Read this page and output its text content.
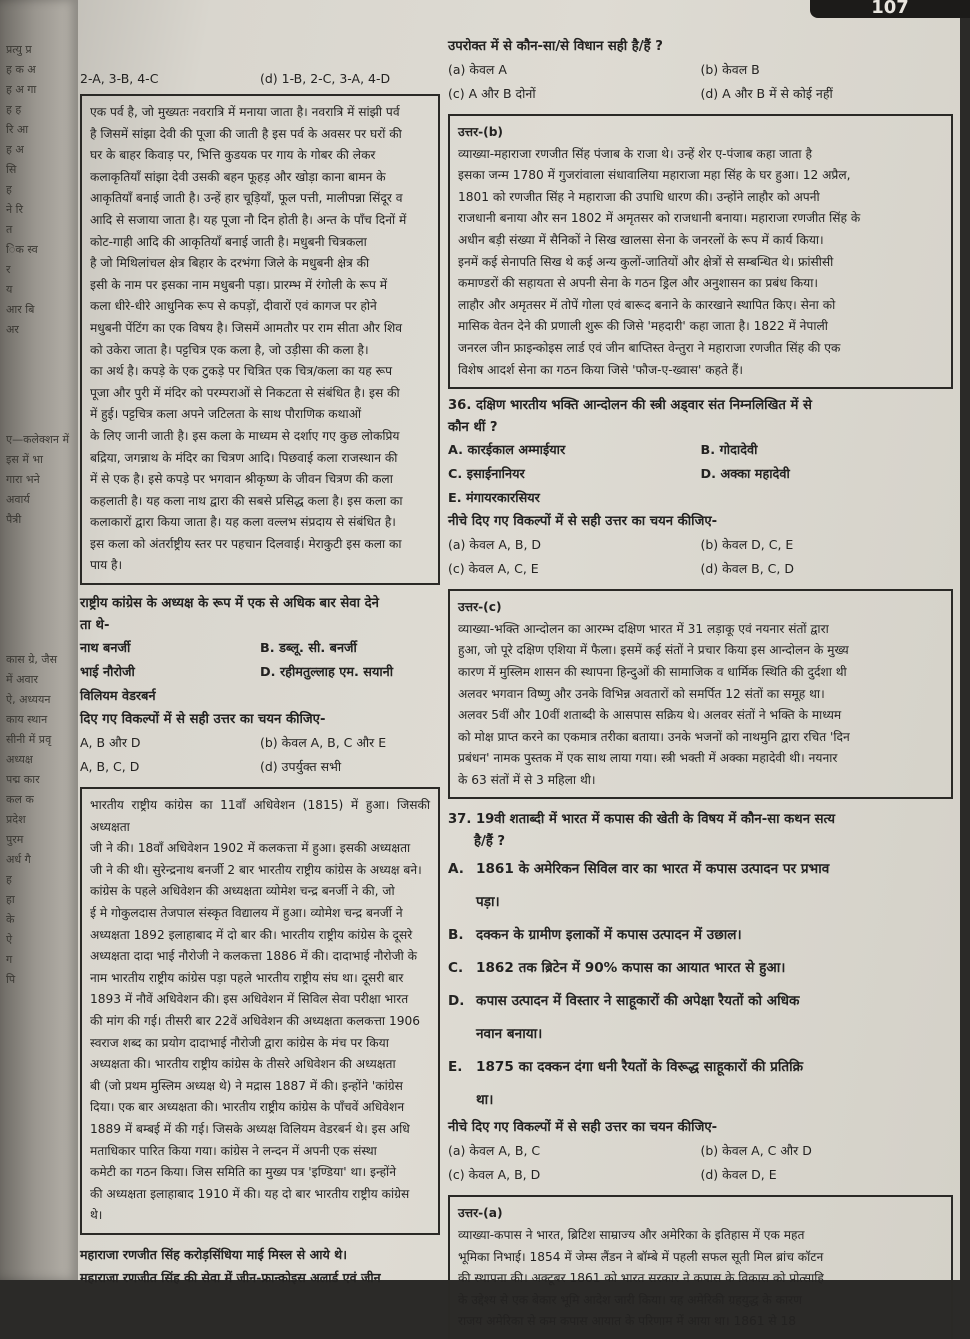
प्रत्यु प्र
ह क अ
ह अ गा
ह ह
रि आ
ह अ
सि
ह
ने रि
त
िक स्व
र
य
आर बि
अर
ए—कलेक्शन में
इस में भा
गारा भने
अवार्य
पैत्री
कास ग्रे, जैस
में अवार
ऐ, अध्ययन
काय स्थान
सीनी में प्रवृ
अध्यक्ष
पद्म कार
कल क
प्रदेश
पुरम
अर्ध गै
ह
हा
के
ऐ
ग
पि
107
2-A, 3-B, 4-C	(d) 1-B, 2-C, 3-A, 4-D
एक पर्व है, जो मुख्यतः नवरात्रि में मनाया जाता है। नवरात्रि में सांझी पर्व
है जिसमें सांझा देवी की पूजा की जाती है इस पर्व के अवसर पर घरों की
घर के बाहर किवाड़ पर, भित्ति कुडयक पर गाय के गोबर की लेकर
कलाकृतियाँ सांझा देवी उसकी बहन फूहड़ और खोड़ा काना बामन के
आकृतियाँ बनाई जाती है। उन्हें हार चूड़ियाँ, फूल पत्ती, मालीपन्ना सिंदूर व
आदि से सजाया जाता है। यह पूजा नौ दिन होती है। अन्त के पाँच दिनों में
कोट-गाही आदि की आकृतियाँ बनाई जाती है। मधुबनी चित्रकला
है जो मिथिलांचल क्षेत्र बिहार के दरभंगा जिले के मधुबनी क्षेत्र की
इसी के नाम पर इसका नाम मधुबनी पड़ा। प्रारम्भ में रंगोली के रूप में
कला धीरे-धीरे आधुनिक रूप से कपड़ों, दीवारों एवं कागज पर होने
मधुबनी पेंटिंग का एक विषय है। जिसमें आमतौर पर राम सीता और शिव
को उकेरा जाता है। पट्टचित्र एक कला है, जो उड़ीसा की कला है।
का अर्थ है। कपड़े के एक टुकड़े पर चित्रित एक चित्र/कला का यह रूप
पूजा और पुरी में मंदिर को परम्पराओं से निकटता से संबंधित है। इस की
में हुई। पट्टचित्र कला अपने जटिलता के साथ पौराणिक कथाओं
के लिए जानी जाती है। इस कला के माध्यम से दर्शाए गए कुछ लोकप्रिय
बद्रिया, जगन्नाथ के मंदिर का चित्रण आदि। पिछवाई कला राजस्थान की
में से एक है। इसे कपड़े पर भगवान श्रीकृष्ण के जीवन चित्रण की कला
कहलाती है। यह कला नाथ द्वारा की सबसे प्रसिद्ध कला है। इस कला का
कलाकारों द्वारा किया जाता है। यह कला वल्लभ संप्रदाय से संबंधित है।
इस कला को अंतर्राष्ट्रीय स्तर पर पहचान दिलवाई। मेराकुटी इस कला का
पाय है।
राष्ट्रीय कांग्रेस के अध्यक्ष के रूप में एक से अधिक बार सेवा देने
ता थे-
नाथ बनर्जी	B. डब्लू. सी. बनर्जी
भाई नौरोजी	D. रहीमतुल्लाह एम. सयानी
विलियम वेडरबर्न
दिए गए विकल्पों में से सही उत्तर का चयन कीजिए-
A, B और D	(b) केवल A, B, C और E
A, B, C, D	(d) उपर्युक्त सभी
भारतीय राष्ट्रीय कांग्रेस का 11वाँ अधिवेशन (1815) में हुआ। जिसकी अध्यक्षता
जी ने की। 18वाँ अधिवेशन 1902 में कलकत्ता में हुआ। इसकी अध्यक्षता
जी ने की थी। सुरेन्द्रनाथ बनर्जी 2 बार भारतीय राष्ट्रीय कांग्रेस के अध्यक्ष बने।
कांग्रेस के पहले अधिवेशन की अध्यक्षता व्योमेश चन्द्र बनर्जी ने की, जो
ई मे गोकुलदास तेजपाल संस्कृत विद्यालय में हुआ। व्योमेश चन्द्र बनर्जी ने
अध्यक्षता 1892 इलाहाबाद में दो बार की। भारतीय राष्ट्रीय कांग्रेस के दूसरे
अध्यक्षता दादा भाई नौरोजी ने कलकत्ता 1886 में की। दादाभाई नौरोजी के
नाम भारतीय राष्ट्रीय कांग्रेस पड़ा पहले भारतीय राष्ट्रीय संघ था। दूसरी बार
1893 में नौवें अधिवेशन की। इस अधिवेशन में सिविल सेवा परीक्षा भारत
की मांग की गई। तीसरी बार 22वें अधिवेशन की अध्यक्षता कलकत्ता 1906
स्वराज शब्द का प्रयोग दादाभाई नौरोजी द्वारा कांग्रेस के मंच पर किया
अध्यक्षता की। भारतीय राष्ट्रीय कांग्रेस के तीसरे अधिवेशन की अध्यक्षता
बी (जो प्रथम मुस्लिम अध्यक्ष थे) ने मद्रास 1887 में की। इन्होंने 'कांग्रेस
दिया। एक बार अध्यक्षता की। भारतीय राष्ट्रीय कांग्रेस के पाँचवें अधिवेशन
1889 में बम्बई में की गई। जिसके अध्यक्ष विलियम वेडरबर्न थे। इस अधि
मताधिकार पारित किया गया। कांग्रेस ने लन्दन में अपनी एक संस्था
कमेटी का गठन किया। जिस समिति का मुख्य पत्र 'इण्डिया' था। इन्होंने
की अध्यक्षता इलाहाबाद 1910 में की। यह दो बार भारतीय राष्ट्रीय कांग्रेस
थे।
महाराजा रणजीत सिंह करोड़सिंधिया माई मिस्ल से आये थे।
महाराजा रणजीत सिंह की सेवा में जीन-फ्रान्कोइस अलार्ड एवं जीन
उपरोक्त में से कौन-सा/से विधान सही है/हैं ?
(a) केवल A	(b) केवल B
(c) A और B दोनों	(d) A और B में से कोई नहीं
उत्तर-(b)
व्याख्या-महाराजा रणजीत सिंह पंजाब के राजा थे। उन्हें शेर ए-पंजाब कहा जाता है
इसका जन्म 1780 में गुजरांवाला संधावालिया महाराजा महा सिंह के घर हुआ। 12 अप्रैल,
1801 को रणजीत सिंह ने महाराजा की उपाधि धारण की। उन्होंने लाहौर को अपनी
राजधानी बनाया और सन 1802 में अमृतसर को राजधानी बनाया। महाराजा रणजीत सिंह के
अधीन बड़ी संख्या में सैनिकों ने सिख खालसा सेना के जनरलों के रूप में कार्य किया।
इनमें कई सेनापति सिख थे कई अन्य कुलों-जातियों और क्षेत्रों से सम्बन्धित थे। फ्रांसीसी
कमाण्डरों की सहायता से अपनी सेना के गठन ड्रिल और अनुशासन का प्रबंध किया।
लाहौर और अमृतसर में तोपें गोला एवं बारूद बनाने के कारखाने स्थापित किए। सेना को
मासिक वेतन देने की प्रणाली शुरू की जिसे 'महदारी' कहा जाता है। 1822 में नेपाली
जनरल जीन फ्राइन्कोइस लार्ड एवं जीन बाप्तिस्त वेन्तुरा ने महाराजा रणजीत सिंह की एक
विशेष आदर्श सेना का गठन किया जिसे 'फौज-ए-ख्वास' कहते हैं।
36. दक्षिण भारतीय भक्ति आन्दोलन की स्त्री अड्वार संत निम्नलिखित में से
कौन थीं ?
A. कारईकाल अम्माईयार	B. गोदादेवी
C. इसाईनानियर	D. अक्का महादेवी
E. मंगायरकारसियर
नीचे दिए गए विकल्पों में से सही उत्तर का चयन कीजिए-
(a) केवल A, B, D	(b) केवल D, C, E
(c) केवल A, C, E	(d) केवल B, C, D
उत्तर-(c)
व्याख्या-भक्ति आन्दोलन का आरम्भ दक्षिण भारत में 31 लड़ाकू एवं नयनार संतों द्वारा
हुआ, जो पूरे दक्षिण एशिया में फैला। इसमें कई संतों ने प्रचार किया इस आन्दोलन के मुख्य
कारण में मुस्लिम शासन की स्थापना हिन्दुओं की सामाजिक व धार्मिक स्थिति की दुर्दशा थी
अलवर भगवान विष्णु और उनके विभिन्न अवतारों को समर्पित 12 संतों का समूह था।
अलवर 5वीं और 10वीं शताब्दी के आसपास सक्रिय थे। अलवर संतों ने भक्ति के माध्यम
को मोक्ष प्राप्त करने का एकमात्र तरीका बताया। उनके भजनों को नाथमुनि द्वारा रचित 'दिन
प्रबंधन' नामक पुस्तक में एक साथ लाया गया। स्त्री भक्ती में अक्का महादेवी थी। नयनार
के 63 संतों में से 3 महिला थी।
37. 19वी शताब्दी में भारत में कपास की खेती के विषय में कौन-सा कथन सत्य
है/हैं ?
A. 1861 के अमेरिकन सिविल वार का भारत में कपास उत्पादन पर प्रभाव
पड़ा।
B. दक्कन के ग्रामीण इलाकों में कपास उत्पादन में उछाल।
C. 1862 तक ब्रिटेन में 90% कपास का आयात भारत से हुआ।
D. कपास उत्पादन में विस्तार ने साहूकारों की अपेक्षा रैयतों को अधिक
नवान बनाया।
E. 1875 का दक्कन दंगा धनी रैयतों के विरूद्ध साहूकारों की प्रतिक्रि
था।
नीचे दिए गए विकल्पों में से सही उत्तर का चयन कीजिए-
(a) केवल A, B, C	(b) केवल A, C और D
(c) केवल A, B, D	(d) केवल D, E
उत्तर-(a)
व्याख्या-कपास ने भारत, ब्रिटिश साम्राज्य और अमेरिका के इतिहास में एक महत
भूमिका निभाई। 1854 में जेम्स लैंडन ने बॉम्बे में पहली सफल सूती मिल ब्रांच कॉटन
की स्थापना की। अक्टूबर 1861 को भारत सरकार ने कपास के विकास को प्रोत्साहि
के उद्देश्य से एक बेकार भूमि आदेश जारी किया। यह अमेरिकी ग्रहयुद्ध के कारण
राजय अमेरिका से कम कपास आयात के परिणाम में आया था। 1861 से 18
